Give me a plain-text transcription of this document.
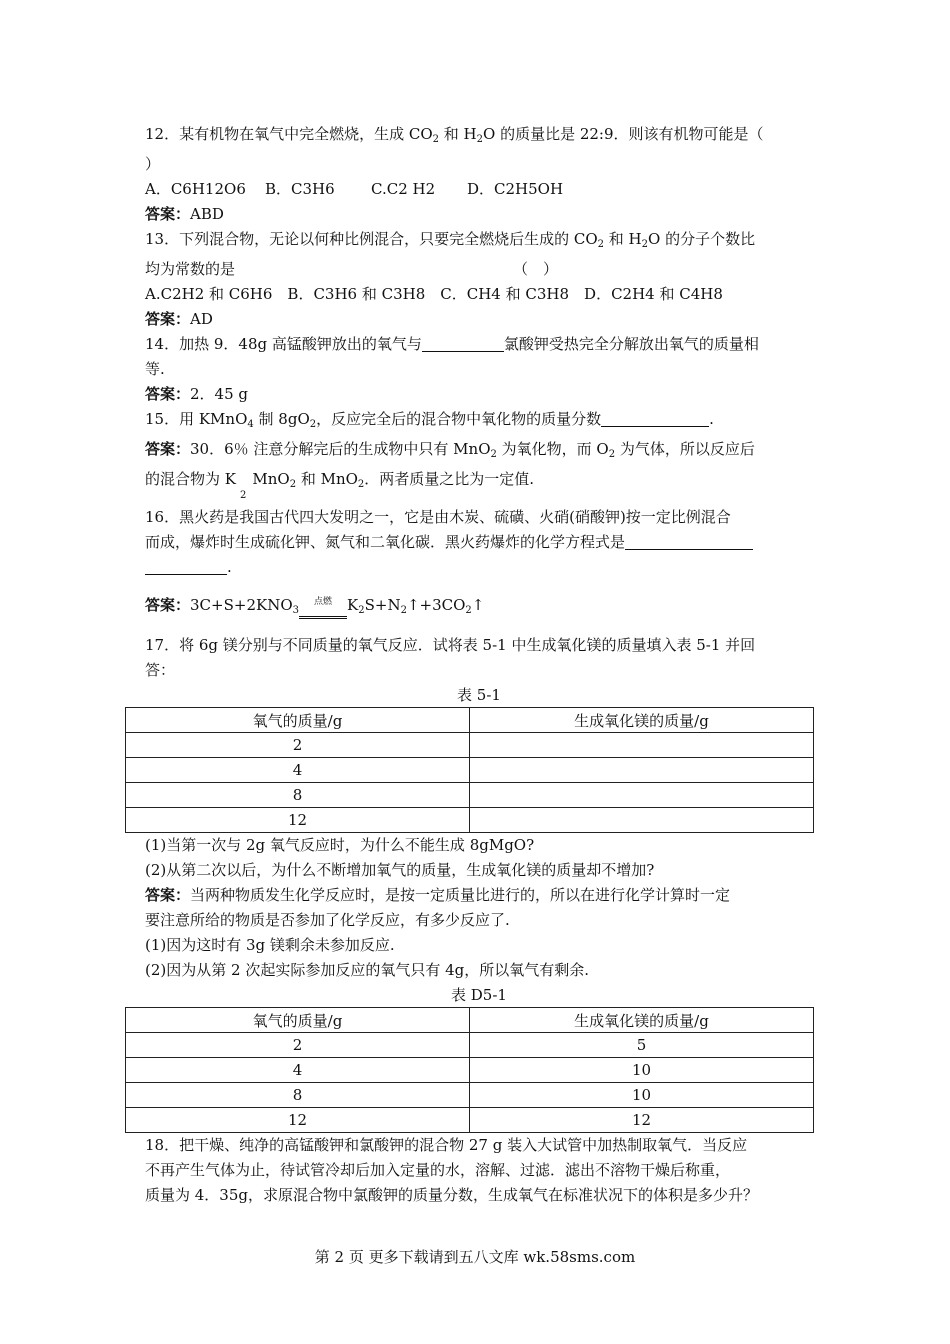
12．某有机物在氧气中完全燃烧，生成 $CO_2$ 和 $H_2O$ 的质量比是 22:9．则该有机物可能是（
）
A．C6H12O6 B．C3H6 C.C2 H2 D．C2H5OH
答案：ABD
13．下列混合物，无论以何种比例混合，只要完全燃烧后生成的 $CO_2$ 和 $H_2O$ 的分子个数比
均为常数的是	（　）
A.C2H2 和 C6H6　B．C3H6 和 C3H8　C．CH4 和 C3H8　D．C2H4 和 C4H8
答案：AD
14．加热 9．48g 高锰酸钾放出的氧气与	氯酸钾受热完全分解放出氧气的质量相
等.
答案：2．45 g
15．用 KMnO$_4$ 制 $8gO_2$，反应完全后的混合物中氧化物的质量分数	.
答案：30．6％ 注意分解完后的生成物中只有 MnO$_2$ 为氧化物，而 $O_2$ 为气体，所以反应后
的混合物为 $K_2MnO_2$ 和 MnO$_2$．两者质量之比为一定值.
16．黑火药是我国古代四大发明之一，它是由木炭、硫磺、火硝(硝酸钾)按一定比例混合
而成，爆炸时生成硫化钾、氮气和二氧化碳．黑火药爆炸的化学方程式是
.
答案：$3C+S+2KNO_3$点燃 $K_2S+N_2↑+3CO_2↑$
17．将 6g 镁分别与不同质量的氧气反应．试将表 5-1 中生成氧化镁的质量填入表 5-1 并回
答：
表 5-1
氧气的质量/g	生成氧化镁的质量/g
2	
4	
8	
12	
(1)当第一次与 2g 氧气反应时，为什么不能生成 8gMgO?
(2)从第二次以后，为什么不断增加氧气的质量，生成氧化镁的质量却不增加?
答案：当两种物质发生化学反应时，是按一定质量比进行的，所以在进行化学计算时一定
要注意所给的物质是否参加了化学反应，有多少反应了.
(1)因为这时有 3g 镁剩余未参加反应.
(2)因为从第 2 次起实际参加反应的氧气只有 4g，所以氧气有剩余.
表 D5-1
氧气的质量/g	生成氧化镁的质量/g
2	5
4	10
8	10
12	12
18．把干燥、纯净的高锰酸钾和氯酸钾的混合物 27 g 装入大试管中加热制取氧气．当反应
不再产生气体为止，待试管冷却后加入定量的水，溶解、过滤．滤出不溶物干燥后称重，
质量为 4．35g，求原混合物中氯酸钾的质量分数，生成氧气在标准状况下的体积是多少升？
第 2 页 更多下载请到五八文库 wk.58sms.com
